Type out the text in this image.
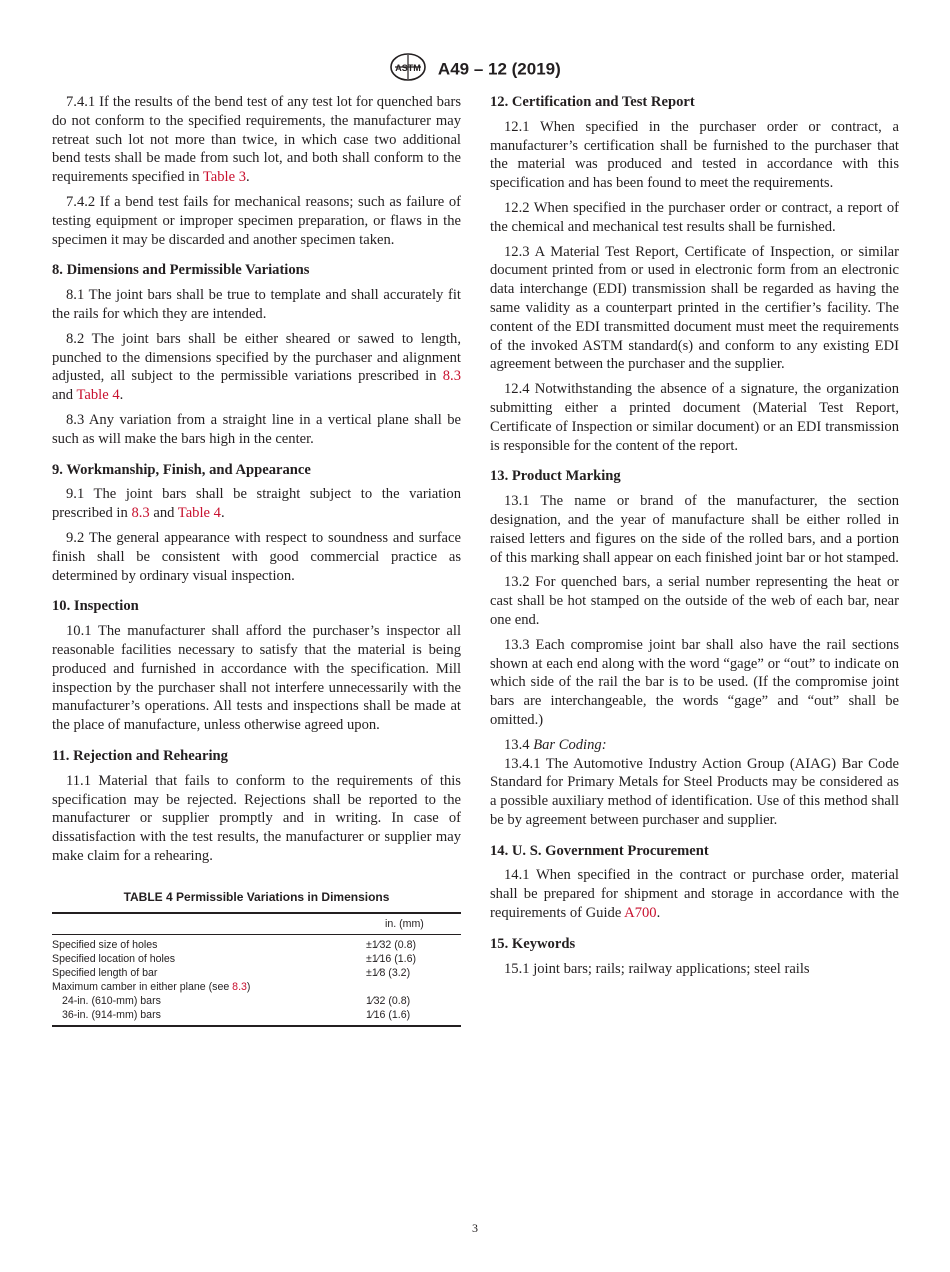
ASTM A49 – 12 (2019)

7.4.1 If the results of the bend test of any test lot for quenched bars do not conform to the specified requirements, the manufacturer may retreat such lot not more than twice, in which case two additional bend tests shall be made from such lot, and both shall conform to the requirements specified in Table 3.

7.4.2 If a bend test fails for mechanical reasons; such as failure of testing equipment or improper specimen preparation, or flaws in the specimen it may be discarded and another specimen taken.

8. Dimensions and Permissible Variations

8.1 The joint bars shall be true to template and shall accurately fit the rails for which they are intended.

8.2 The joint bars shall be either sheared or sawed to length, punched to the dimensions specified by the purchaser and alignment adjusted, all subject to the permissible variations prescribed in 8.3 and Table 4.

8.3 Any variation from a straight line in a vertical plane shall be such as will make the bars high in the center.

9. Workmanship, Finish, and Appearance

9.1 The joint bars shall be straight subject to the variation prescribed in 8.3 and Table 4.

9.2 The general appearance with respect to soundness and surface finish shall be consistent with good commercial practice as determined by ordinary visual inspection.

10. Inspection

10.1 The manufacturer shall afford the purchaser’s inspector all reasonable facilities necessary to satisfy that the material is being produced and furnished in accordance with the specification. Mill inspection by the purchaser shall not interfere unnecessarily with the manufacturer’s operations. All tests and inspections shall be made at the place of manufacture, unless otherwise agreed upon.

11. Rejection and Rehearing

11.1 Material that fails to conform to the requirements of this specification may be rejected. Rejections shall be reported to the manufacturer or supplier promptly and in writing. In case of dissatisfaction with the test results, the manufacturer or supplier may make claim for a rehearing.

TABLE 4 Permissible Variations in Dimensions
in. (mm)	
Specified size of holes	±1⁄32 (0.8)
Specified location of holes	±1⁄16 (1.6)
Specified length of bar	±1⁄8 (3.2)
Maximum camber in either plane (see 8.3)	
24-in. (610-mm) bars	1⁄32 (0.8)
36-in. (914-mm) bars	1⁄16 (1.6)
12. Certification and Test Report

12.1 When specified in the purchaser order or contract, a manufacturer’s certification shall be furnished to the purchaser that the material was produced and tested in accordance with this specification and has been found to meet the requirements.

12.2 When specified in the purchaser order or contract, a report of the chemical and mechanical test results shall be furnished.

12.3 A Material Test Report, Certificate of Inspection, or similar document printed from or used in electronic form from an electronic data interchange (EDI) transmission shall be regarded as having the same validity as a counterpart printed in the certifier’s facility. The content of the EDI transmitted document must meet the requirements of the invoked ASTM standard(s) and conform to any existing EDI agreement between the purchaser and the supplier.

12.4 Notwithstanding the absence of a signature, the organization submitting either a printed document (Material Test Report, Certificate of Inspection or similar document) or an EDI transmission is responsible for the content of the report.

13. Product Marking

13.1 The name or brand of the manufacturer, the section designation, and the year of manufacture shall be either rolled in raised letters and figures on the side of the rolled bars, and a portion of this marking shall appear on each finished joint bar or hot stamped.

13.2 For quenched bars, a serial number representing the heat or cast shall be hot stamped on the outside of the web of each bar, near one end.

13.3 Each compromise joint bar shall also have the rail sections shown at each end along with the word “gage” or “out” to indicate on which side of the rail the bar is to be used. (If the compromise joint bars are interchangeable, the words “gage” and “out” shall be omitted.)

13.4 Bar Coding:

13.4.1 The Automotive Industry Action Group (AIAG) Bar Code Standard for Primary Metals for Steel Products may be considered as a possible auxiliary method of identification. Use of this method shall be by agreement between purchaser and supplier.

14. U. S. Government Procurement

14.1 When specified in the contract or purchase order, material shall be prepared for shipment and storage in accordance with the requirements of Guide A700.

15. Keywords

15.1 joint bars; rails; railway applications; steel rails

3
